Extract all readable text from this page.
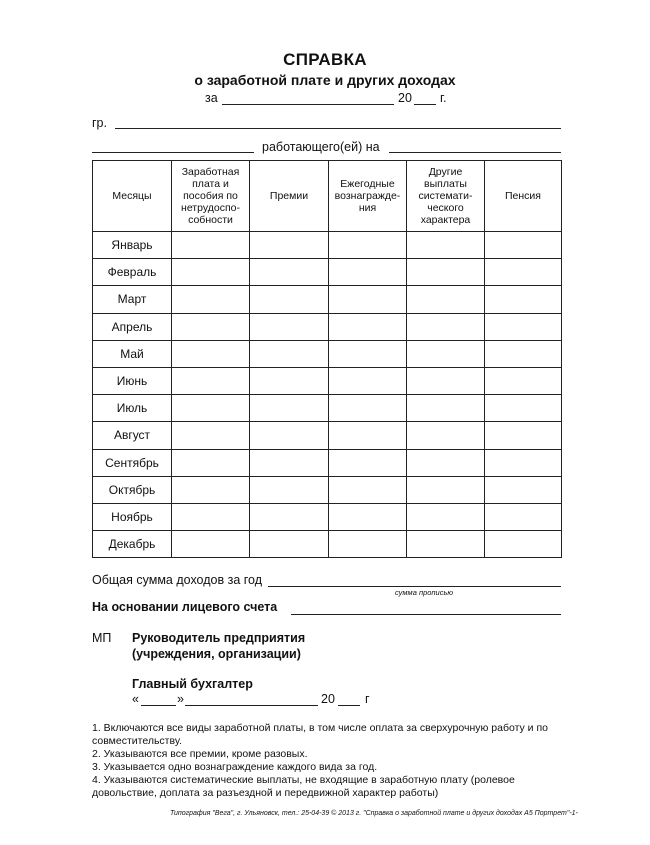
СПРАВКА
о заработной плате и других доходах
за	20 г.
гр.
работающего(ей) на
Месяцы	Заработная плата и пособия по нетрудоспо-собности	Премии	Ежегодные вознагражде-ния	Другие выплаты системати-ческого характера	Пенсия
Январь					
Февраль					
Март					
Апрель					
Май					
Июнь					
Июль					
Август					
Сентябрь					
Октябрь					
Ноябрь					
Декабрь					
Общая сумма доходов за год
сумма прописью
На основании лицевого счета
МП Руководитель предприятия
(учреждения, организации)
Главный бухгалтер
«	»	20 г
1. Включаются все виды заработной платы, в том числе оплата за сверхурочную работу и по совместительству.
2. Указываются все премии, кроме разовых.
3. Указывается одно вознаграждение каждого вида за год.
4. Указываются систематические выплаты, не входящие в заработную плату (ролевое довольствие, доплата за разъездной и передвижной характер работы)
Типография "Вега", г. Ульяновск, тел.: 25-04-39 © 2013 г. "Справка о заработной плате и других доходах А5 Портрет"-1-
